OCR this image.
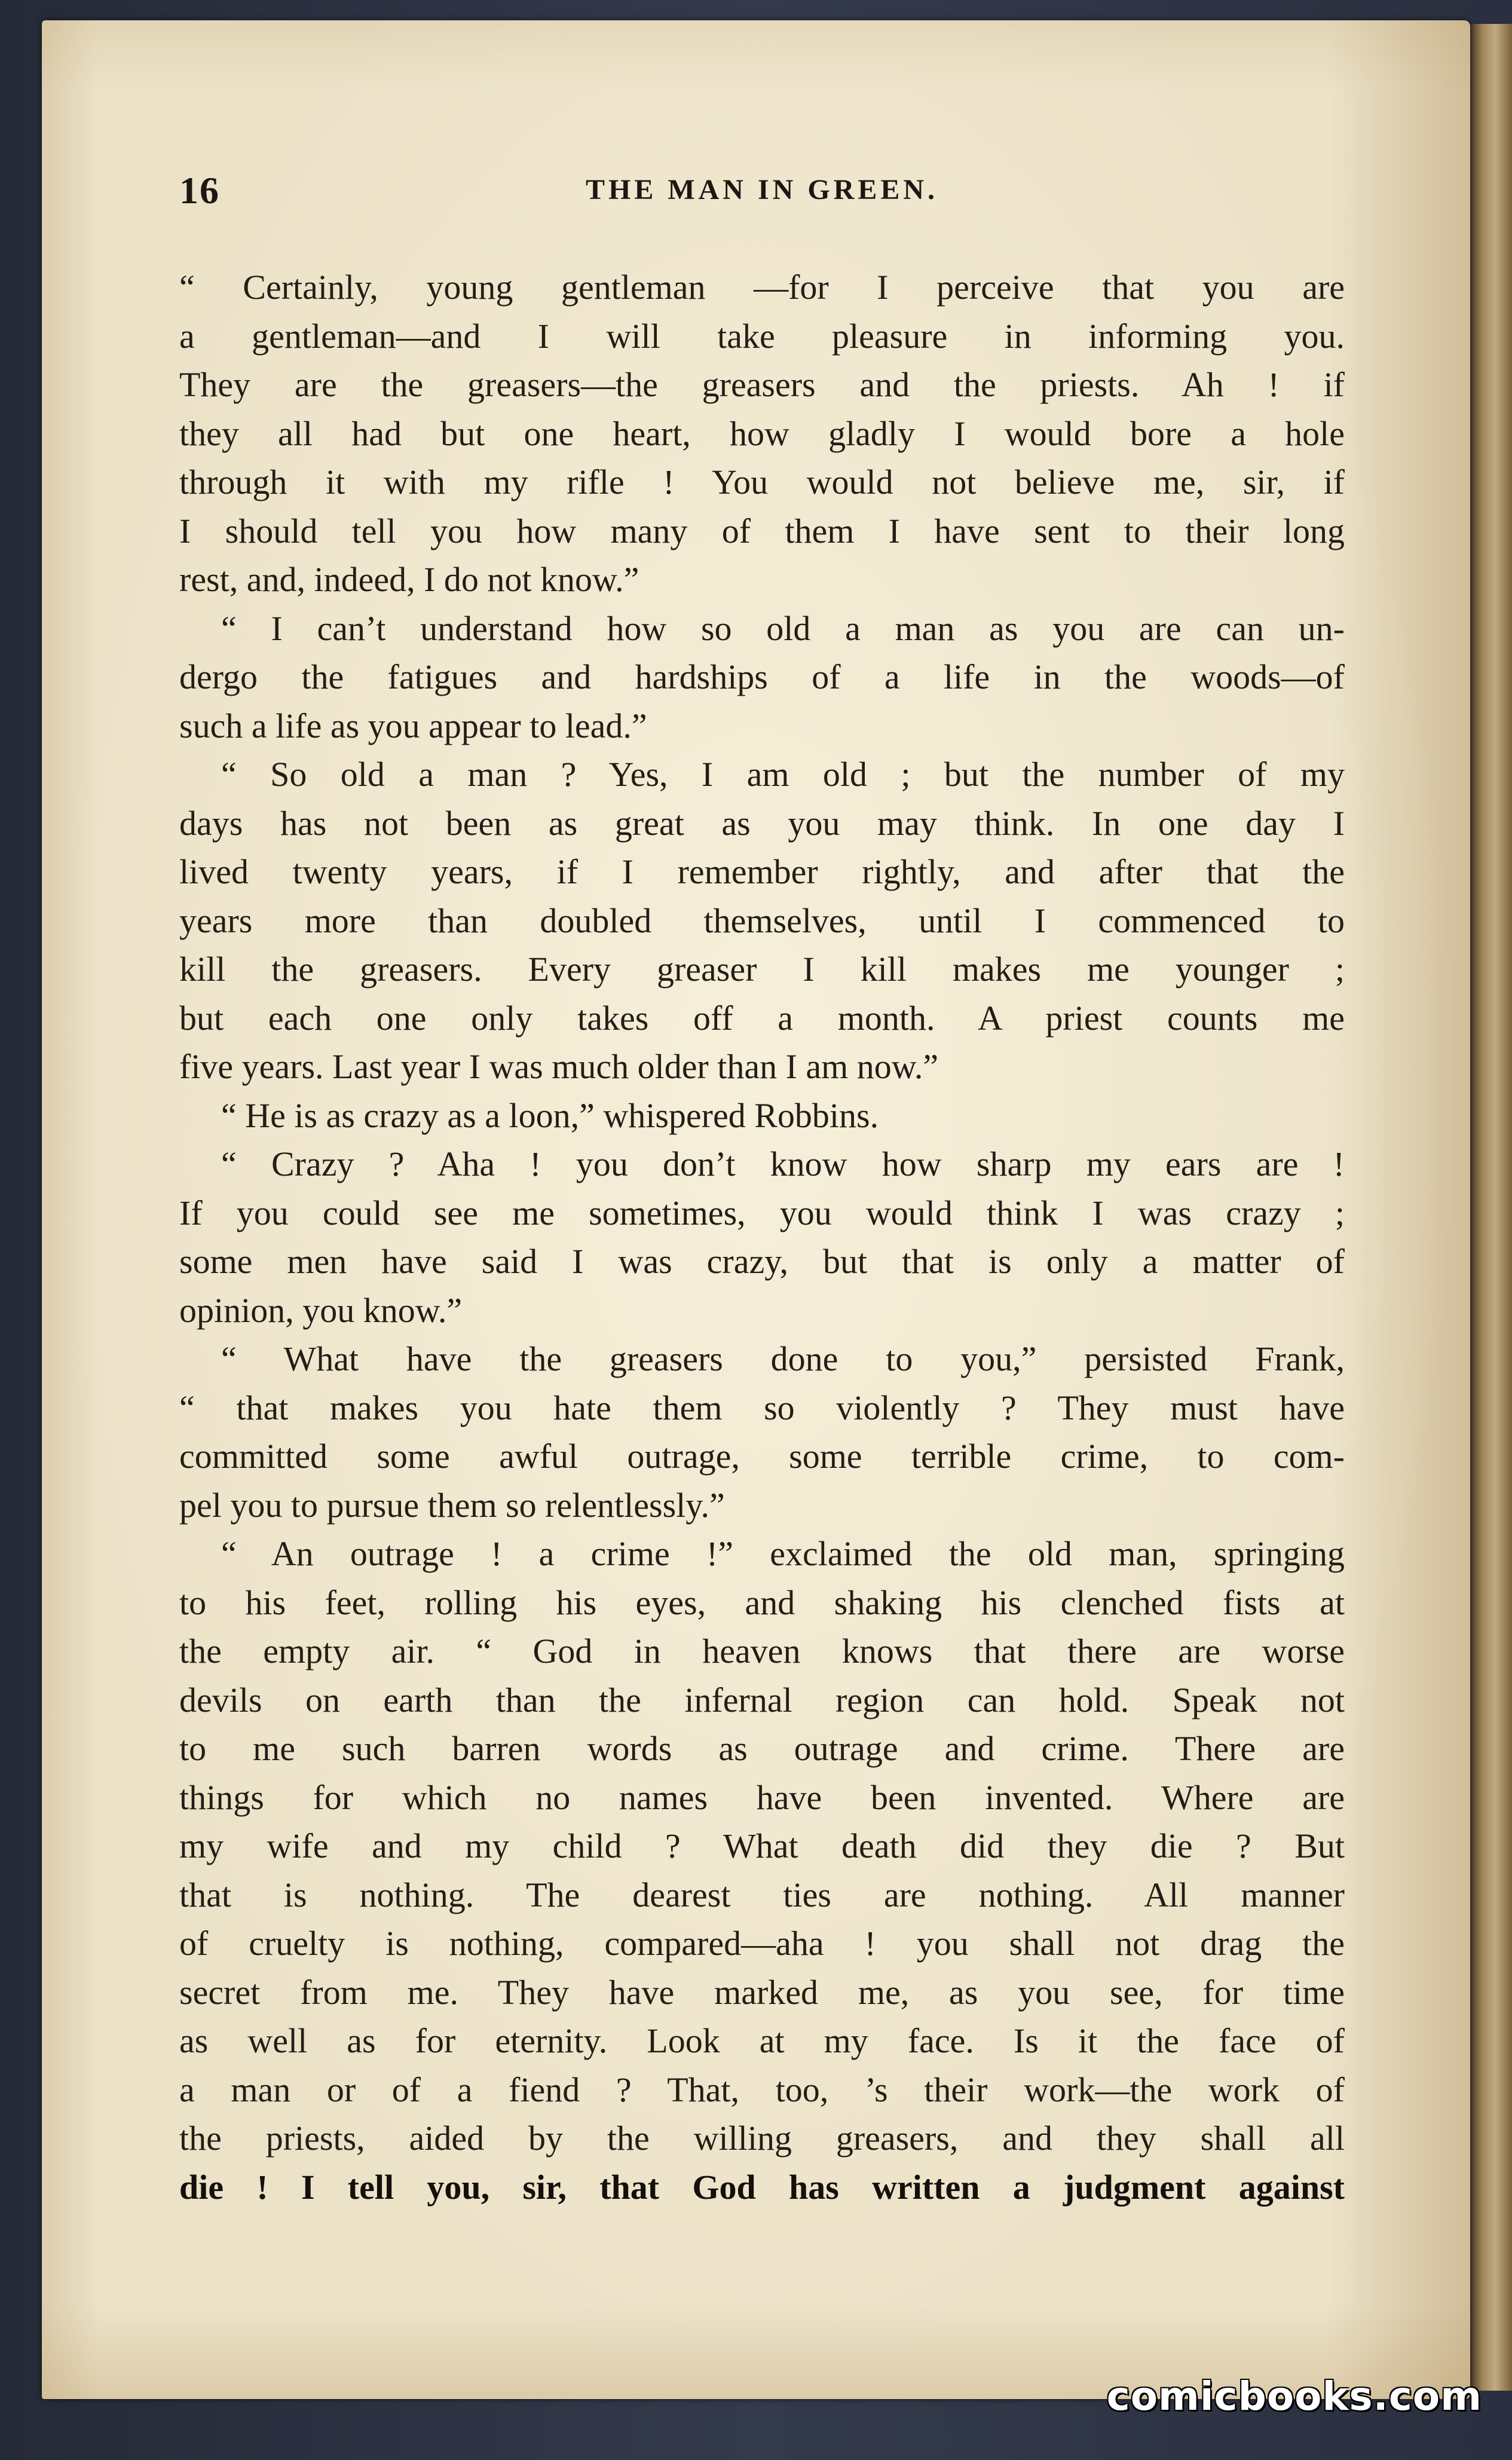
16	THE MAN IN GREEN.
“ Certainly, young gentleman —for I perceive that you are
a gentleman—and I will take pleasure in informing you.
They are the greasers—the greasers and the priests. Ah ! if
they all had but one heart, how gladly I would bore a hole
through it with my rifle ! You would not believe me, sir, if
I should tell you how many of them I have sent to their long
rest, and, indeed, I do not know.”
“ I can’t understand how so old a man as you are can un-
dergo the fatigues and hardships of a life in the woods—of
such a life as you appear to lead.”
“ So old a man ? Yes, I am old ; but the number of my
days has not been as great as you may think. In one day I
lived twenty years, if I remember rightly, and after that the
years more than doubled themselves, until I commenced to
kill the greasers. Every greaser I kill makes me younger ;
but each one only takes off a month. A priest counts me
five years. Last year I was much older than I am now.”
“ He is as crazy as a loon,” whispered Robbins.
“ Crazy ? Aha ! you don’t know how sharp my ears are !
If you could see me sometimes, you would think I was crazy ;
some men have said I was crazy, but that is only a matter of
opinion, you know.”
“ What have the greasers done to you,” persisted Frank,
“ that makes you hate them so violently ? They must have
committed some awful outrage, some terrible crime, to com-
pel you to pursue them so relentlessly.”
“ An outrage ! a crime !” exclaimed the old man, springing
to his feet, rolling his eyes, and shaking his clenched fists at
the empty air. “ God in heaven knows that there are worse
devils on earth than the infernal region can hold. Speak not
to me such barren words as outrage and crime. There are
things for which no names have been invented. Where are
my wife and my child ? What death did they die ? But
that is nothing. The dearest ties are nothing. All manner
of cruelty is nothing, compared—aha ! you shall not drag the
secret from me. They have marked me, as you see, for time
as well as for eternity. Look at my face. Is it the face of
a man or of a fiend ? That, too, ’s their work—the work of
the priests, aided by the willing greasers, and they shall all
die ! I tell you, sir, that God has written a judgment against
comicbooks.com
